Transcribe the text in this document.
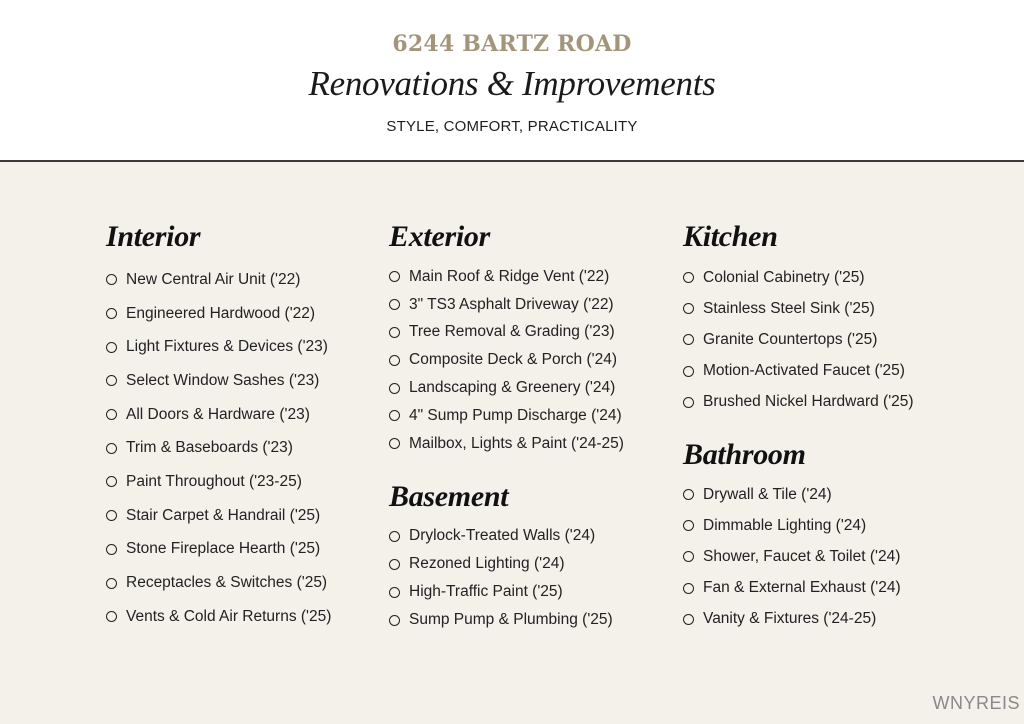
6244 BARTZ ROAD
Renovations & Improvements
STYLE, COMFORT, PRACTICALITY
Interior
New Central Air Unit ('22)
Engineered Hardwood ('22)
Light Fixtures & Devices ('23)
Select Window Sashes ('23)
All Doors & Hardware ('23)
Trim & Baseboards ('23)
Paint Throughout ('23-25)
Stair Carpet & Handrail ('25)
Stone Fireplace Hearth ('25)
Receptacles & Switches ('25)
Vents & Cold Air Returns ('25)
Exterior
Main Roof & Ridge Vent ('22)
3" TS3 Asphalt Driveway ('22)
Tree Removal & Grading ('23)
Composite Deck & Porch ('24)
Landscaping & Greenery ('24)
4" Sump Pump Discharge ('24)
Mailbox, Lights & Paint ('24-25)
Basement
Drylock-Treated Walls ('24)
Rezoned Lighting ('24)
High-Traffic Paint ('25)
Sump Pump & Plumbing ('25)
Kitchen
Colonial Cabinetry ('25)
Stainless Steel Sink ('25)
Granite Countertops ('25)
Motion-Activated Faucet ('25)
Brushed Nickel Hardward ('25)
Bathroom
Drywall & Tile ('24)
Dimmable Lighting ('24)
Shower, Faucet & Toilet ('24)
Fan & External Exhaust ('24)
Vanity & Fixtures ('24-25)
WNYREIS
